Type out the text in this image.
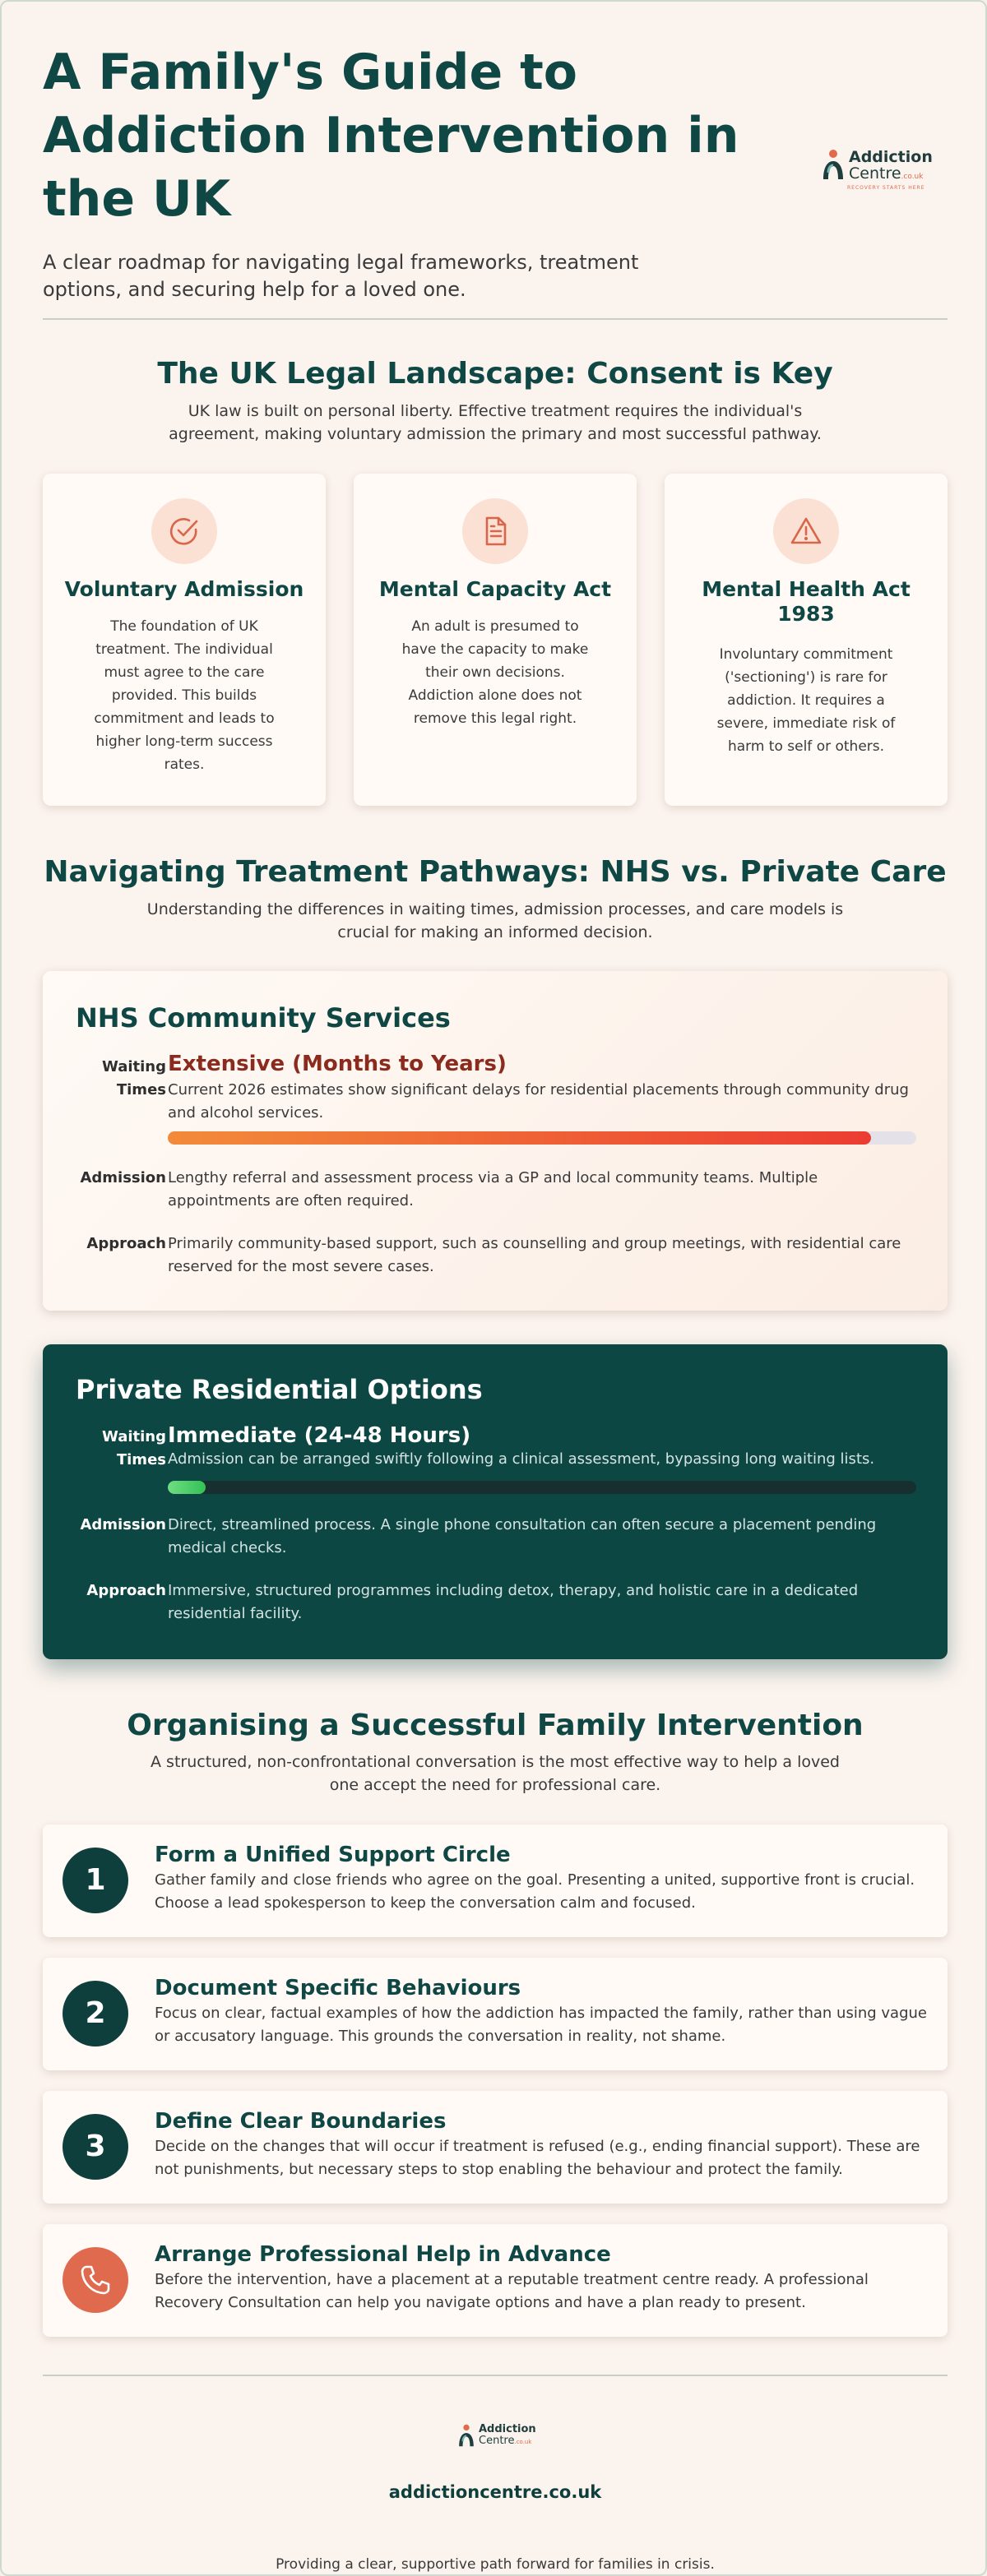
A Family's Guide to Addiction Intervention in the UK

A clear roadmap for navigating legal frameworks, treatment options, and securing help for a loved one.

Addiction
Centre.co.uk
RECOVERY STARTS HERE
The UK Legal Landscape: Consent is Key

UK law is built on personal liberty. Effective treatment requires the individual's agreement, making voluntary admission the primary and most successful pathway.

Voluntary Admission
The foundation of UK treatment. The individual must agree to the care provided. This builds commitment and leads to higher long-term success rates.
Mental Capacity Act
An adult is presumed to have the capacity to make their own decisions. Addiction alone does not remove this legal right.
Mental Health Act 1983
Involuntary commitment ('sectioning') is rare for addiction. It requires a severe, immediate risk of harm to self or others.
Navigating Treatment Pathways: NHS vs. Private Care

Understanding the differences in waiting times, admission processes, and care models is crucial for making an informed decision.

NHS Community Services
Waiting Times
Extensive (Months to Years)
Current 2026 estimates show significant delays for residential placements through community drug and alcohol services.
Admission Lengthy referral and assessment process via a GP and local community teams. Multiple appointments are often required.
Approach Primarily community-based support, such as counselling and group meetings, with residential care reserved for the most severe cases.
Private Residential Options
Waiting Times
Immediate (24-48 Hours)
Admission can be arranged swiftly following a clinical assessment, bypassing long waiting lists.
Admission Direct, streamlined process. A single phone consultation can often secure a placement pending medical checks.
Approach Immersive, structured programmes including detox, therapy, and holistic care in a dedicated residential facility.
Organising a Successful Family Intervention

A structured, non-confrontational conversation is the most effective way to help a loved one accept the need for professional care.

1
Form a Unified Support Circle
Gather family and close friends who agree on the goal. Presenting a united, supportive front is crucial. Choose a lead spokesperson to keep the conversation calm and focused.
2
Document Specific Behaviours
Focus on clear, factual examples of how the addiction has impacted the family, rather than using vague or accusatory language. This grounds the conversation in reality, not shame.
3
Define Clear Boundaries
Decide on the changes that will occur if treatment is refused (e.g., ending financial support). These are not punishments, but necessary steps to stop enabling the behaviour and protect the family.
Arrange Professional Help in Advance
Before the intervention, have a placement at a reputable treatment centre ready. A professional Recovery Consultation can help you navigate options and have a plan ready to present.
Addiction
Centre.co.uk
addictioncentre.co.uk
Providing a clear, supportive path forward for families in crisis.
